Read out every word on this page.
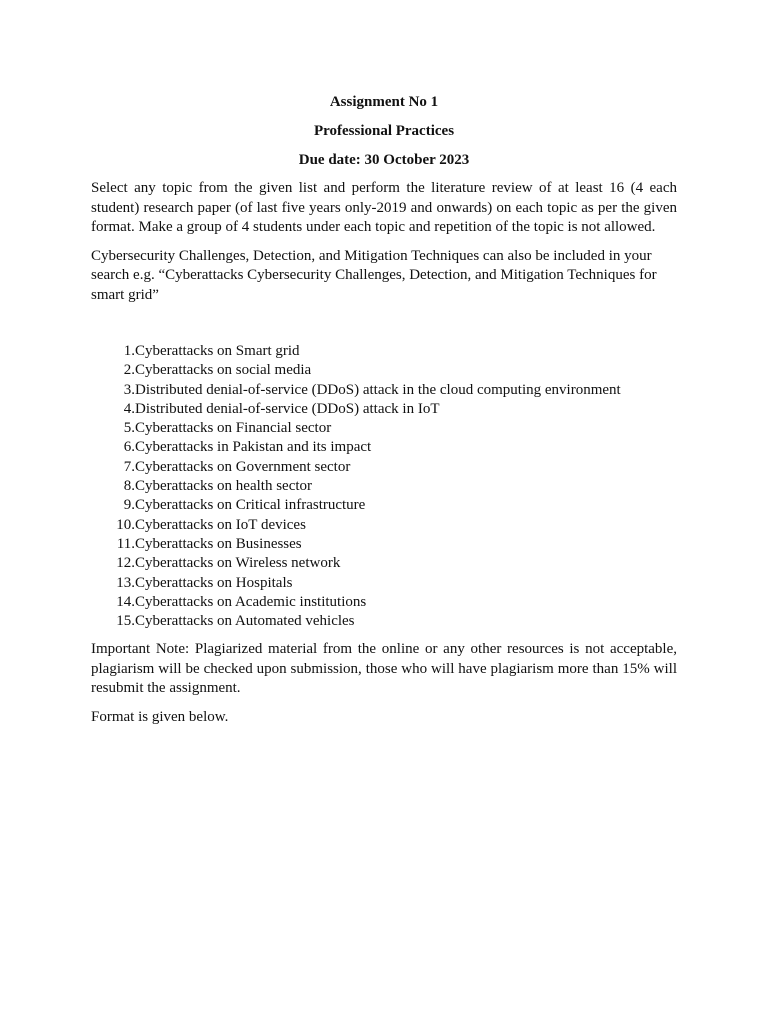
Assignment No 1

Professional Practices

Due date: 30 October 2023

Select any topic from the given list and perform the literature review of at least 16 (4 each student) research paper (of last five years only-2019 and onwards) on each topic as per the given format. Make a group of 4 students under each topic and repetition of the topic is not allowed.

Cybersecurity Challenges, Detection, and Mitigation Techniques can also be included in your search e.g. “Cyberattacks Cybersecurity Challenges, Detection, and Mitigation Techniques for smart grid”

1. Cyberattacks on Smart grid
2. Cyberattacks on social media
3. Distributed denial-of-service (DDoS) attack in the cloud computing environment
4. Distributed denial-of-service (DDoS) attack in IoT
5. Cyberattacks on Financial sector
6. Cyberattacks in Pakistan and its impact
7. Cyberattacks on Government sector
8. Cyberattacks on health sector
9. Cyberattacks on Critical infrastructure
10. Cyberattacks on IoT devices
11. Cyberattacks on Businesses
12. Cyberattacks on Wireless network
13. Cyberattacks on Hospitals
14. Cyberattacks on Academic institutions
15. Cyberattacks on Automated vehicles

Important Note: Plagiarized material from the online or any other resources is not acceptable, plagiarism will be checked upon submission, those who will have plagiarism more than 15% will resubmit the assignment.

Format is given below.
